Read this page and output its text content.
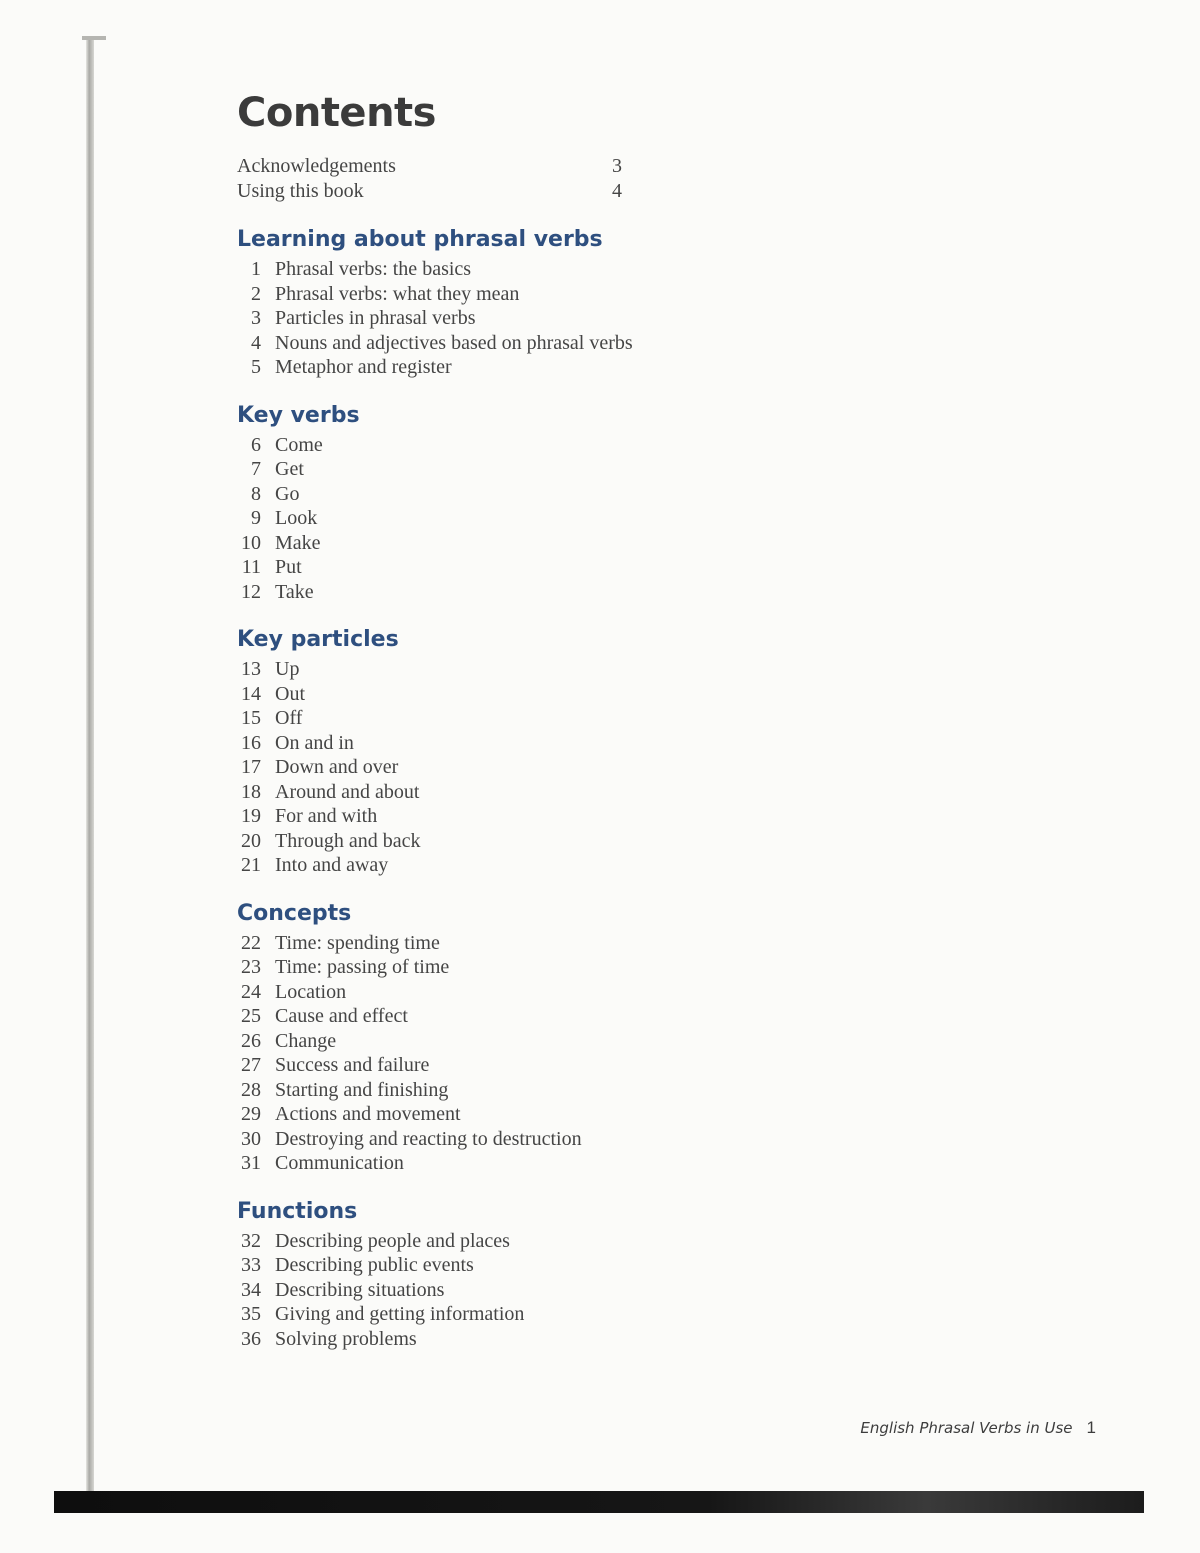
Contents
Acknowledgements	3
Using this book	4
Learning about phrasal verbs
1 Phrasal verbs: the basics
2 Phrasal verbs: what they mean
3 Particles in phrasal verbs
4 Nouns and adjectives based on phrasal verbs
5 Metaphor and register
Key verbs
6 Come
7 Get
8 Go
9 Look
10 Make
11 Put
12 Take
Key particles
13 Up
14 Out
15 Off
16 On and in
17 Down and over
18 Around and about
19 For and with
20 Through and back
21 Into and away
Concepts
22 Time: spending time
23 Time: passing of time
24 Location
25 Cause and effect
26 Change
27 Success and failure
28 Starting and finishing
29 Actions and movement
30 Destroying and reacting to destruction
31 Communication
Functions
32 Describing people and places
33 Describing public events
34 Describing situations
35 Giving and getting information
36 Solving problems
English Phrasal Verbs in Use 1
